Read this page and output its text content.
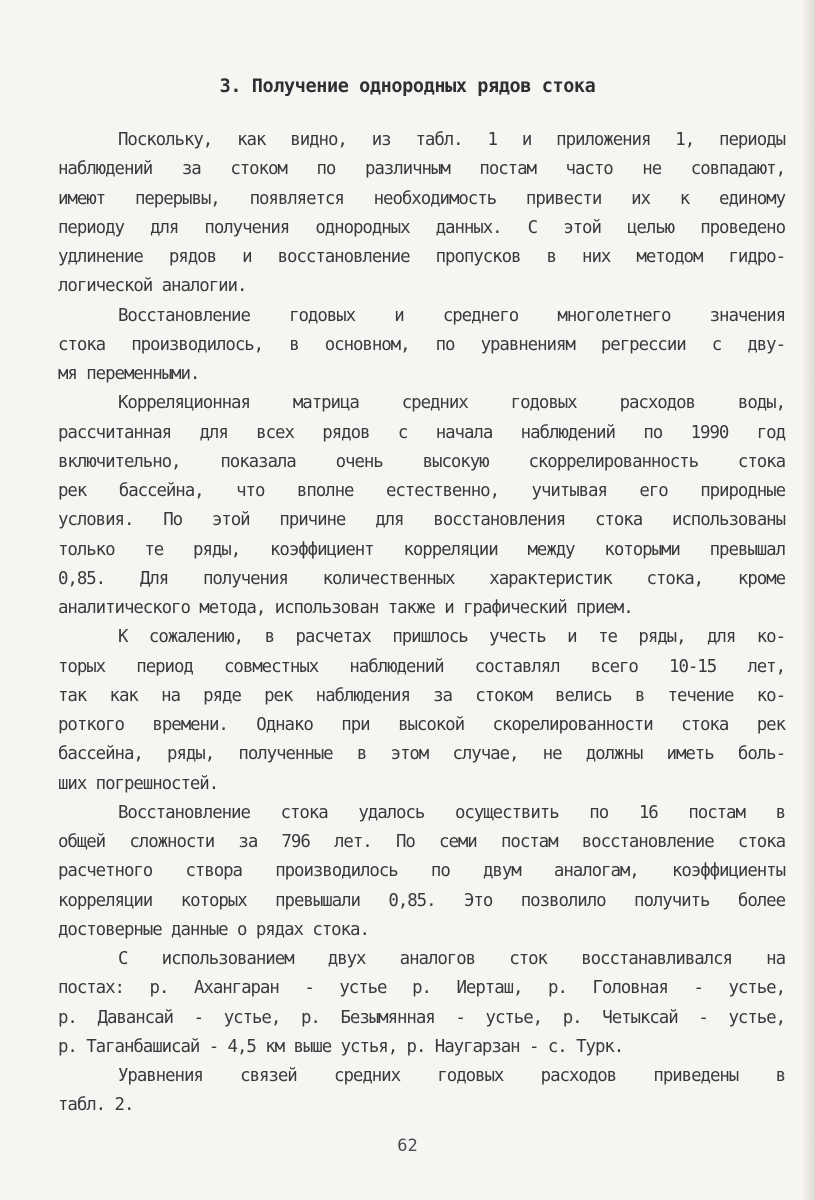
3. Получение однородных рядов стока
Поскольку, как видно, из табл. 1 и приложения 1, периоды
наблюдений за стоком по различным постам часто не совпадают,
имеют перерывы, появляется необходимость привести их к единому
периоду для получения однородных данных. С этой целью проведено
удлинение рядов и восстановление пропусков в них методом гидро-
логической аналогии.
Восстановление годовых и среднего многолетнего значения
стока производилось, в основном, по уравнениям регрессии с дву-
мя переменными.
Корреляционная матрица средних годовых расходов воды,
рассчитанная для всех рядов с начала наблюдений по 1990 год
включительно, показала очень высокую скоррелированность стока
рек бассейна, что вполне естественно, учитывая его природные
условия. По этой причине для восстановления стока использованы
только те ряды, коэффициент корреляции между которыми превышал
0,85. Для получения количественных характеристик стока, кроме
аналитического метода, использован также и графический прием.
К сожалению, в расчетах пришлось учесть и те ряды, для ко-
торых период совместных наблюдений составлял всего 10-15 лет,
так как на ряде рек наблюдения за стоком велись в течение ко-
роткого времени. Однако при высокой скорелированности стока рек
бассейна, ряды, полученные в этом случае, не должны иметь боль-
ших погрешностей.
Восстановление стока удалось осуществить по 16 постам в
общей сложности за 796 лет. По семи постам восстановление стока
расчетного створа производилось по двум аналогам, коэффициенты
корреляции которых превышали 0,85. Это позволило получить более
достоверные данные о рядах стока.
С использованием двух аналогов сток восстанавливался на
постах: р. Ахангаран - устье р. Иерташ, р. Головная - устье,
р. Давансай - устье, р. Безымянная - устье, р. Четыксай - устье,
р. Таганбашисай - 4,5 км выше устья, р. Наугарзан - с. Турк.
Уравнения связей средних годовых расходов приведены в
табл. 2.
62
